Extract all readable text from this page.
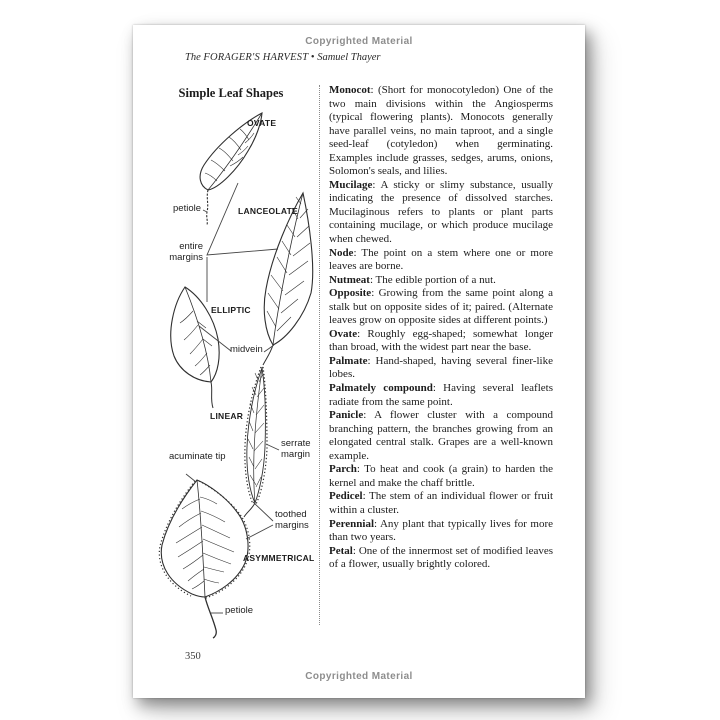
Copyrighted Material
The FORAGER'S HARVEST • Samuel Thayer
Simple Leaf Shapes
OVATE
LANCEOLATE
ELLIPTIC
LINEAR
ASYMMETRICAL
petiole
entire margins
midvein
serrate margin
acuminate tip
toothed margins
petiole

Monocot: (Short for monocotyledon) One of the two main divisions within the Angiosperms (typical flowering plants). Monocots generally have parallel veins, no main taproot, and a single seed-leaf (cotyledon) when germinating. Examples include grasses, sedges, arums, onions, Solomon's seals, and lilies.

Mucilage: A sticky or slimy substance, usually indicating the presence of dissolved starches. Mucilaginous refers to plants or plant parts containing mucilage, or which produce mucilage when chewed.

Node: The point on a stem where one or more leaves are borne.

Nutmeat: The edible portion of a nut.

Opposite: Growing from the same point along a stalk but on opposite sides of it; paired. (Alternate leaves grow on opposite sides at different points.)

Ovate: Roughly egg-shaped; somewhat longer than broad, with the widest part near the base.

Palmate: Hand-shaped, having several finer-like lobes.

Palmately compound: Having several leaflets radiate from the same point.

Panicle: A flower cluster with a compound branching pattern, the branches growing from an elongated central stalk. Grapes are a well-known example.

Parch: To heat and cook (a grain) to harden the kernel and make the chaff brittle.

Pedicel: The stem of an individual flower or fruit within a cluster.

Perennial: Any plant that typically lives for more than two years.

Petal: One of the innermost set of modified leaves of a flower, usually brightly colored.

350
Copyrighted Material
